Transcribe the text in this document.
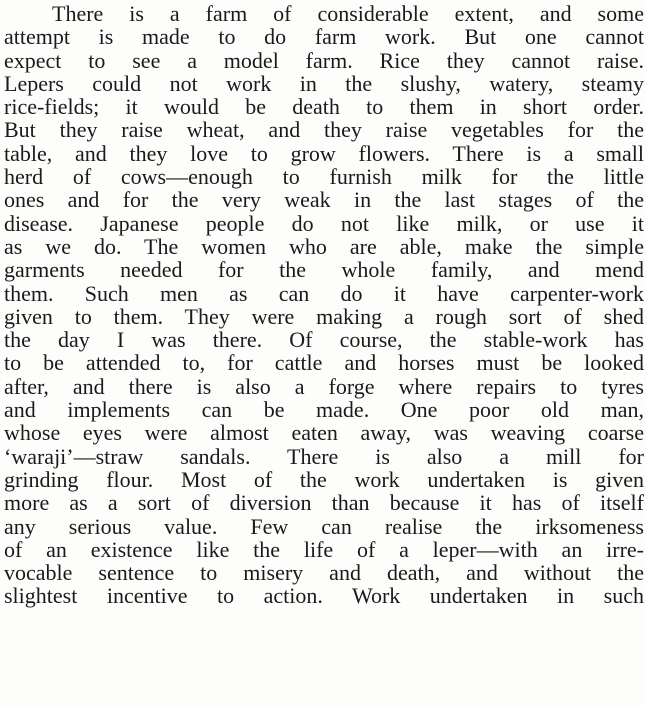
There is a farm of considerable extent, and some
attempt is made to do farm work. But one cannot
expect to see a model farm. Rice they cannot raise.
Lepers could not work in the slushy, watery, steamy
rice-fields; it would be death to them in short order.
But they raise wheat, and they raise vegetables for the
table, and they love to grow flowers. There is a small
herd of cows—enough to furnish milk for the little
ones and for the very weak in the last stages of the
disease. Japanese people do not like milk, or use it
as we do. The women who are able, make the simple
garments needed for the whole family, and mend
them. Such men as can do it have carpenter-work
given to them. They were making a rough sort of shed
the day I was there. Of course, the stable-work has
to be attended to, for cattle and horses must be looked
after, and there is also a forge where repairs to tyres
and implements can be made. One poor old man,
whose eyes were almost eaten away, was weaving coarse
‘waraji’—straw sandals. There is also a mill for
grinding flour. Most of the work undertaken is given
more as a sort of diversion than because it has of itself
any serious value. Few can realise the irksomeness
of an existence like the life of a leper—with an irre-
vocable sentence to misery and death, and without the
slightest incentive to action. Work undertaken in such
